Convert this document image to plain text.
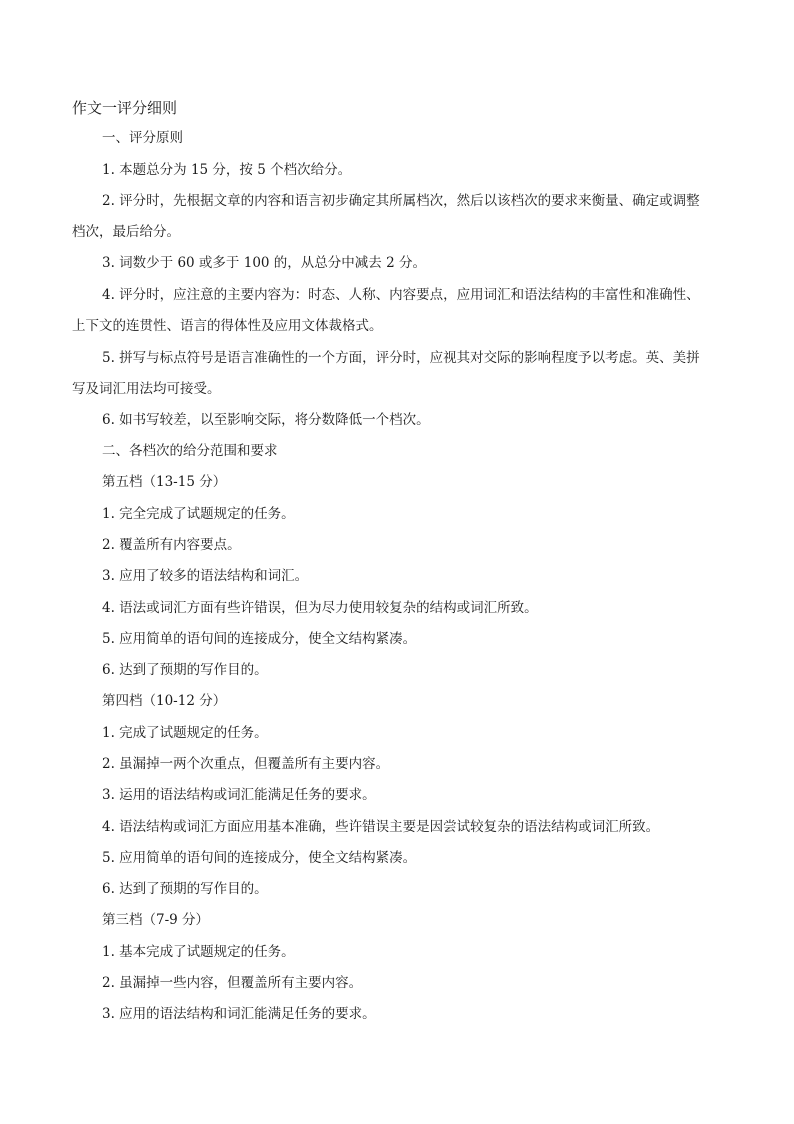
作文一评分细则
一、评分原则
1. 本题总分为 15 分，按 5 个档次给分。
2. 评分时，先根据文章的内容和语言初步确定其所属档次，然后以该档次的要求来衡量、确定或调整
档次，最后给分。
3. 词数少于 60 或多于 100 的，从总分中减去 2 分。
4. 评分时，应注意的主要内容为：时态、人称、内容要点，应用词汇和语法结构的丰富性和准确性、
上下文的连贯性、语言的得体性及应用文体裁格式。
5. 拼写与标点符号是语言准确性的一个方面，评分时，应视其对交际的影响程度予以考虑。英、美拼
写及词汇用法均可接受。
6. 如书写较差，以至影响交际，将分数降低一个档次。
二、各档次的给分范围和要求
第五档（13-15 分）
1. 完全完成了试题规定的任务。
2. 覆盖所有内容要点。
3. 应用了较多的语法结构和词汇。
4. 语法或词汇方面有些许错误，但为尽力使用较复杂的结构或词汇所致。
5. 应用简单的语句间的连接成分，使全文结构紧凑。
6. 达到了预期的写作目的。
第四档（10-12 分）
1. 完成了试题规定的任务。
2. 虽漏掉一两个次重点，但覆盖所有主要内容。
3. 运用的语法结构或词汇能满足任务的要求。
4. 语法结构或词汇方面应用基本准确，些许错误主要是因尝试较复杂的语法结构或词汇所致。
5. 应用简单的语句间的连接成分，使全文结构紧凑。
6. 达到了预期的写作目的。
第三档（7-9 分）
1. 基本完成了试题规定的任务。
2. 虽漏掉一些内容，但覆盖所有主要内容。
3. 应用的语法结构和词汇能满足任务的要求。
